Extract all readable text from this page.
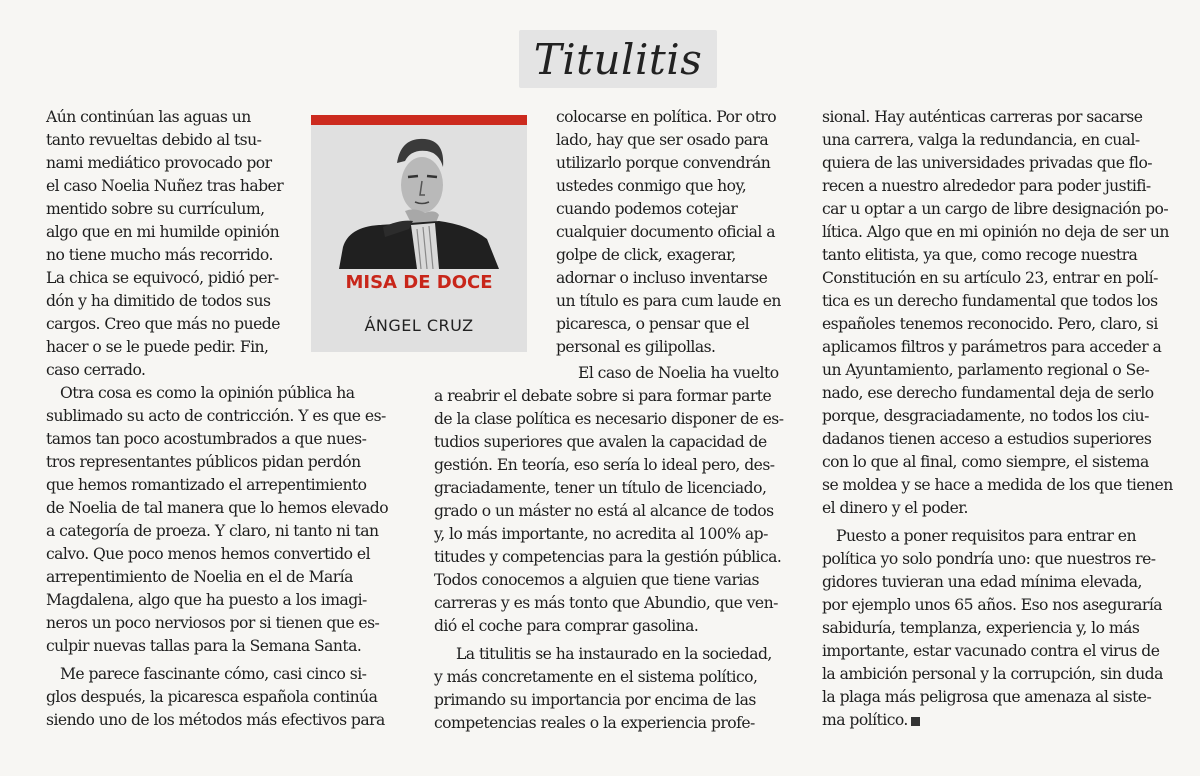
Titulitis
MISA DE DOCE
ÁNGEL CRUZ
Aún continúan las aguas un
tanto revueltas debido al tsu-
nami mediático provocado por
el caso Noelia Nuñez tras haber
mentido sobre su currículum,
algo que en mi humilde opinión
no tiene mucho más recorrido.
La chica se equivocó, pidió per-
dón y ha dimitido de todos sus
cargos. Creo que más no puede
hacer o se le puede pedir. Fin,
caso cerrado.
Otra cosa es como la opinión pública ha
sublimado su acto de contricción. Y es que es-
tamos tan poco acostumbrados a que nues-
tros representantes públicos pidan perdón
que hemos romantizado el arrepentimiento
de Noelia de tal manera que lo hemos elevado
a categoría de proeza. Y claro, ni tanto ni tan
calvo. Que poco menos hemos convertido el
arrepentimiento de Noelia en el de María
Magdalena, algo que ha puesto a los imagi-
neros un poco nerviosos por si tienen que es-
culpir nuevas tallas para la Semana Santa.
Me parece fascinante cómo, casi cinco si-
glos después, la picaresca española continúa
siendo uno de los métodos más efectivos para
colocarse en política. Por otro
lado, hay que ser osado para
utilizarlo porque convendrán
ustedes conmigo que hoy,
cuando podemos cotejar
cualquier documento oficial a
golpe de click, exagerar,
adornar o incluso inventarse
un título es para cum laude en
picaresca, o pensar que el
personal es gilipollas.
El caso de Noelia ha vuelto
a reabrir el debate sobre si para formar parte
de la clase política es necesario disponer de es-
tudios superiores que avalen la capacidad de
gestión. En teoría, eso sería lo ideal pero, des-
graciadamente, tener un título de licenciado,
grado o un máster no está al alcance de todos
y, lo más importante, no acredita al 100% ap-
titudes y competencias para la gestión pública.
Todos conocemos a alguien que tiene varias
carreras y es más tonto que Abundio, que ven-
dió el coche para comprar gasolina.
La titulitis se ha instaurado en la sociedad,
y más concretamente en el sistema político,
primando su importancia por encima de las
competencias reales o la experiencia profe-
sional. Hay auténticas carreras por sacarse
una carrera, valga la redundancia, en cual-
quiera de las universidades privadas que flo-
recen a nuestro alrededor para poder justifi-
car u optar a un cargo de libre designación po-
lítica. Algo que en mi opinión no deja de ser un
tanto elitista, ya que, como recoge nuestra
Constitución en su artículo 23, entrar en polí-
tica es un derecho fundamental que todos los
españoles tenemos reconocido. Pero, claro, si
aplicamos filtros y parámetros para acceder a
un Ayuntamiento, parlamento regional o Se-
nado, ese derecho fundamental deja de serlo
porque, desgraciadamente, no todos los ciu-
dadanos tienen acceso a estudios superiores
con lo que al final, como siempre, el sistema
se moldea y se hace a medida de los que tienen
el dinero y el poder.
Puesto a poner requisitos para entrar en
política yo solo pondría uno: que nuestros re-
gidores tuvieran una edad mínima elevada,
por ejemplo unos 65 años. Eso nos aseguraría
sabiduría, templanza, experiencia y, lo más
importante, estar vacunado contra el virus de
la ambición personal y la corrupción, sin duda
la plaga más peligrosa que amenaza al siste-
ma político.
